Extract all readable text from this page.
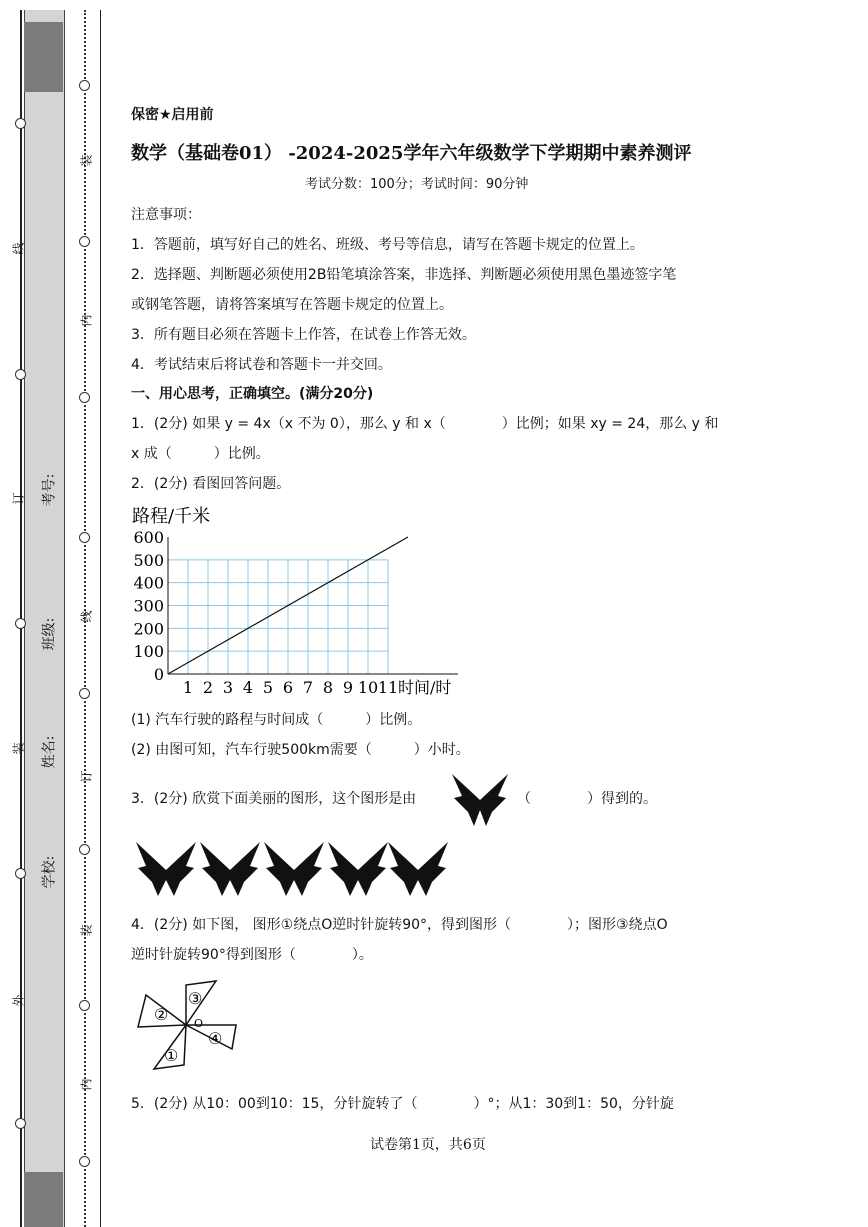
线
订
装
外
装
内
线
订
装
内
考号:
班级:
姓名:
学校:
保密★启用前
数学（基础卷01） -2024-2025学年六年级数学下学期期中素养测评
考试分数：100分；考试时间：90分钟
注意事项：
1．答题前，填写好自己的姓名、班级、考号等信息，请写在答题卡规定的位置上。
2．选择题、判断题必须使用2B铅笔填涂答案，非选择、判断题必须使用黑色墨迹签字笔
或钢笔答题，请将答案填写在答题卡规定的位置上。
3．所有题目必须在答题卡上作答，在试卷上作答无效。
4．考试结束后将试卷和答题卡一并交回。
一、用心思考，正确填空。(满分20分)
1．(2分) 如果 y = 4x（x 不为 0），那么 y 和 x（　　　　）比例；如果 xy = 24，那么 y 和
x 成（　　　）比例。
2．(2分) 看图回答问题。
1 2 3 4 5 6 7 8 9 10 11
0
100
200
300
400
500
600
路程/千米
时间/时
(1) 汽车行驶的路程与时间成（　　　）比例。
(2) 由图可知，汽车行驶500km需要（　　　）小时。
3．(2分) 欣赏下面美丽的图形，这个图形是由	（　　　　）得到的。
4．(2分) 如下图， 图形①绕点O逆时针旋转90°，得到图形（　　　　）；图形③绕点O
逆时针旋转90°得到图形（　　　　）。
②
③
④
①
O
5．(2分) 从10：00到10：15，分针旋转了（　　　　）°；从1：30到1：50，分针旋
试卷第1页，共6页
